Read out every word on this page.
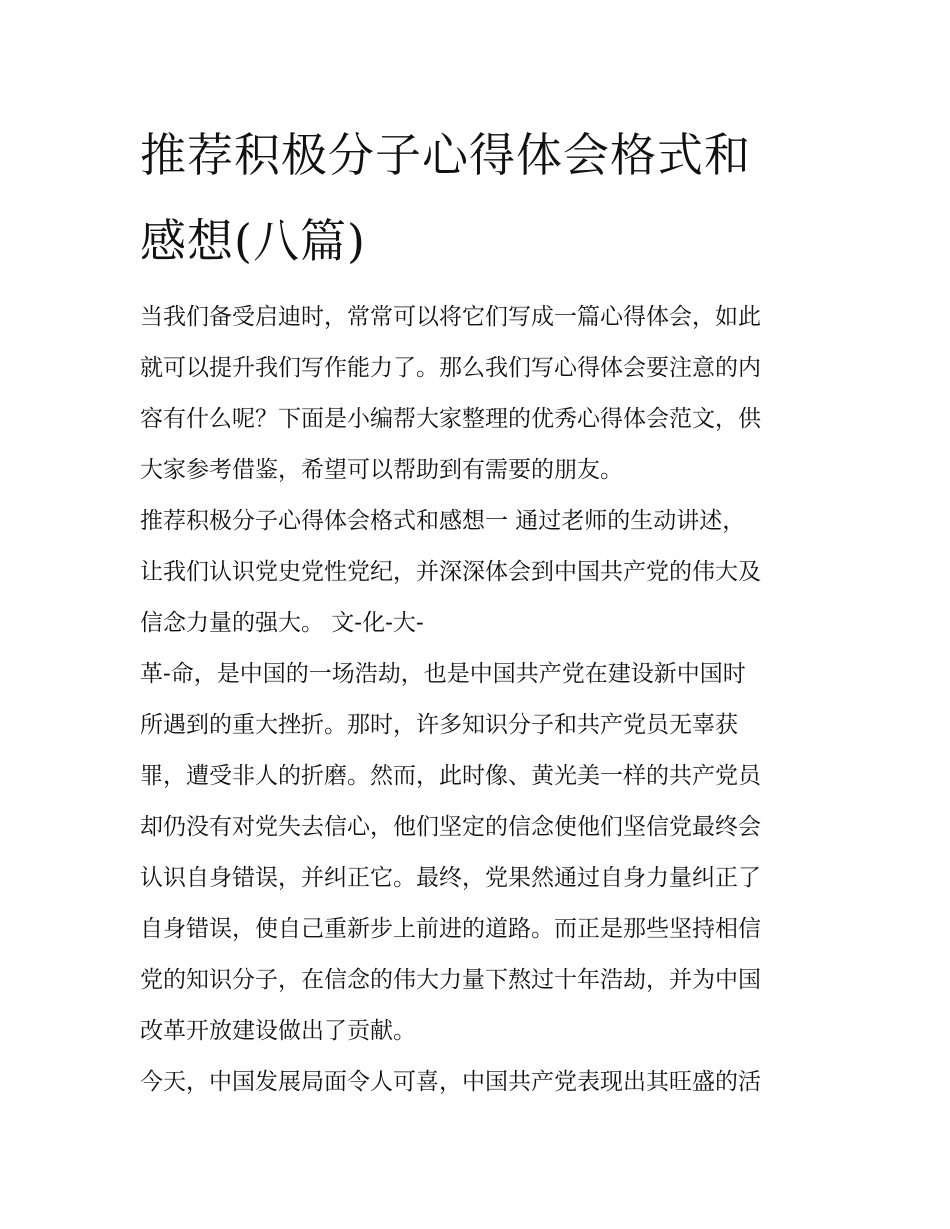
推荐积极分子心得体会格式和
感想(八篇)

当我们备受启迪时，常常可以将它们写成一篇心得体会，如此
就可以提升我们写作能力了。那么我们写心得体会要注意的内
容有什么呢？下面是小编帮大家整理的优秀心得体会范文，供
大家参考借鉴，希望可以帮助到有需要的朋友。

推荐积极分子心得体会格式和感想一 通过老师的生动讲述，
让我们认识党史党性党纪，并深深体会到中国共产党的伟大及
信念力量的强大。 文-化-大-

革-命，是中国的一场浩劫，也是中国共产党在建设新中国时
所遇到的重大挫折。那时，许多知识分子和共产党员无辜获
罪，遭受非人的折磨。然而，此时像、黄光美一样的共产党员
却仍没有对党失去信心，他们坚定的信念使他们坚信党最终会
认识自身错误，并纠正它。最终，党果然通过自身力量纠正了
自身错误，使自己重新步上前进的道路。而正是那些坚持相信
党的知识分子，在信念的伟大力量下熬过十年浩劫，并为中国
改革开放建设做出了贡献。

今天，中国发展局面令人可喜，中国共产党表现出其旺盛的活
